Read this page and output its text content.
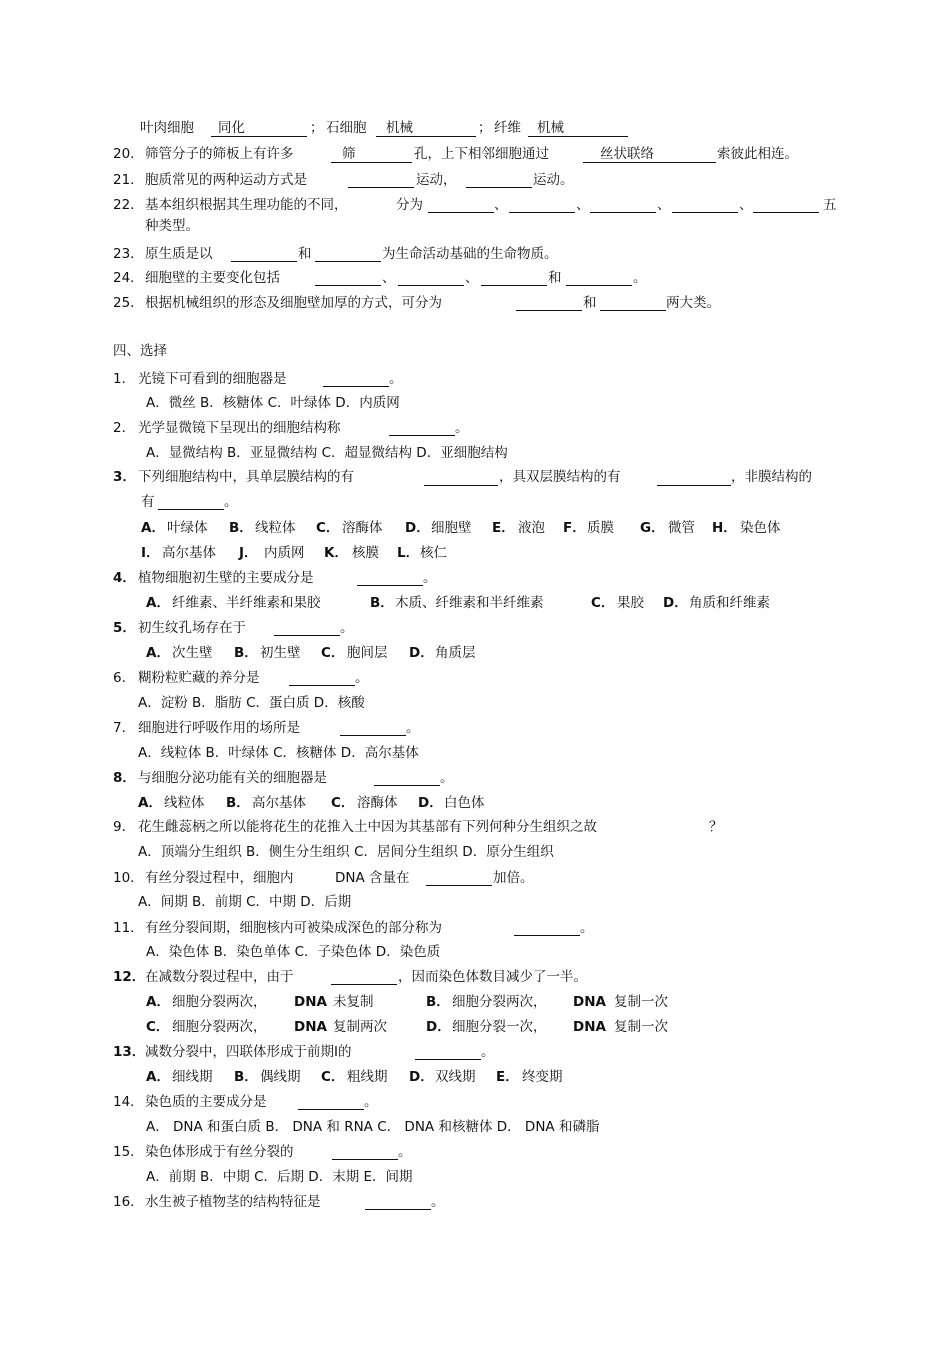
叶肉细胞 同化	； 石细胞 机械	； 纤维 机械
20． 筛管分子的筛板上有许多	筛	孔，上下相邻细胞通过	丝状联络	索彼此相连。
21． 胞质常见的两种运动方式是	运动，	运动。
22． 基本组织根据其生理功能的不同，	分为	、	、	、	、	五
种类型。
23． 原生质是以	和	为生命活动基础的生命物质。
24． 细胞壁的主要变化包括	、	、	和	。
25． 根据机械组织的形态及细胞壁加厚的方式，可分为	和	两大类。
四、选择
1． 光镜下可看到的细胞器是	。
A．微丝 B．核糖体 C．叶绿体 D．内质网
2． 光学显微镜下呈现出的细胞结构称	。
A．显微结构 B．亚显微结构 C．超显微结构 D．亚细胞结构
3． 下列细胞结构中，具单层膜结构的有	，具双层膜结构的有	，非膜结构的
有	。
A． 叶绿体 B． 线粒体 C． 溶酶体 D． 细胞壁 E． 液泡 F． 质膜 G． 微管 H． 染色体
I． 高尔基体 J． 内质网 K． 核膜 L． 核仁
4． 植物细胞初生壁的主要成分是	。
A． 纤维素、半纤维素和果胶	B． 木质、纤维素和半纤维素	C． 果胶 D． 角质和纤维素
5． 初生纹孔场存在于	。
A． 次生壁 B． 初生壁 C． 胞间层 D． 角质层
6． 糊粉粒贮藏的养分是	。
A．淀粉 B．脂肪 C．蛋白质 D．核酸
7． 细胞进行呼吸作用的场所是	。
A．线粒体 B．叶绿体 C．核糖体 D．高尔基体
8． 与细胞分泌功能有关的细胞器是	。
A． 线粒体 B． 高尔基体 C． 溶酶体 D． 白色体
9． 花生雌蕊柄之所以能将花生的花推入土中因为其基部有下列何种分生组织之故	？
A．顶端分生组织 B．侧生分生组织 C．居间分生组织 D．原分生组织
10． 有丝分裂过程中，细胞内	DNA 含量在	加倍。
A．间期 B．前期 C．中期 D．后期
11． 有丝分裂间期，细胞核内可被染成深色的部分称为	。
A．染色体 B．染色单体 C．子染色体 D．染色质
12． 在减数分裂过程中，由于	，因而染色体数目减少了一半。
A． 细胞分裂两次， DNA 未复制	B． 细胞分裂两次， DNA 复制一次
C． 细胞分裂两次， DNA 复制两次	D． 细胞分裂一次， DNA 复制一次
13． 减数分裂中，四联体形成于前期Ⅰ的	。
A． 细线期 B． 偶线期 C． 粗线期 D． 双线期 E． 终变期
14． 染色质的主要成分是	。
A． DNA 和蛋白质 B． DNA 和 RNA C． DNA 和核糖体 D． DNA 和磷脂
15． 染色体形成于有丝分裂的	。
A．前期 B．中期 C．后期 D．末期 E．间期
16． 水生被子植物茎的结构特征是	。
